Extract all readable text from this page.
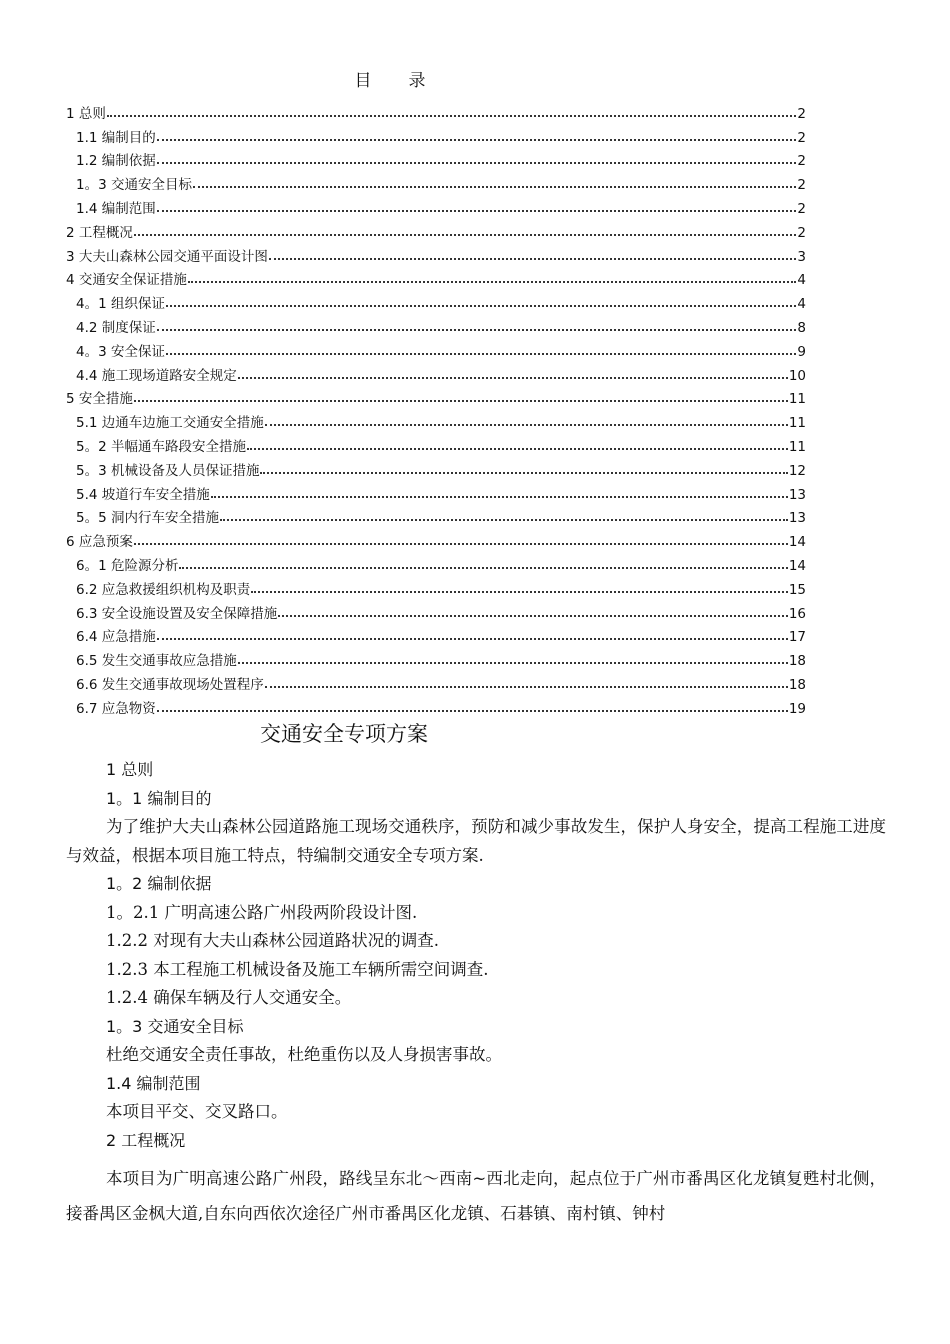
目　录
1 总则	2
1.1 编制目的	2
1.2 编制依据	2
1。3 交通安全目标	2
1.4 编制范围	2
2 工程概况	2
3 大夫山森林公园交通平面设计图	3
4 交通安全保证措施	4
4。1 组织保证	4
4.2 制度保证	8
4。3 安全保证	9
4.4 施工现场道路安全规定	10
5 安全措施	11
5.1 边通车边施工交通安全措施	11
5。2 半幅通车路段安全措施	11
5。3 机械设备及人员保证措施	12
5.4 坡道行车安全措施	13
5。5 洞内行车安全措施	13
6 应急预案	14
6。1 危险源分析	14
6.2 应急救援组织机构及职责	15
6.3 安全设施设置及安全保障措施	16
6.4 应急措施	17
6.5 发生交通事故应急措施	18
6.6 发生交通事故现场处置程序	18
6.7 应急物资	19
交通安全专项方案
1 总则
1。1 编制目的
为了维护大夫山森林公园道路施工现场交通秩序，预防和减少事故发生，保护人身安全，提高工程施工进度与效益，根据本项目施工特点，特编制交通安全专项方案.
1。2 编制依据
1。2.1 广明高速公路广州段两阶段设计图.
1.2.2 对现有大夫山森林公园道路状况的调查.
1.2.3 本工程施工机械设备及施工车辆所需空间调查.
1.2.4 确保车辆及行人交通安全。
1。3 交通安全目标
杜绝交通安全责任事故，杜绝重伤以及人身损害事故。
1.4 编制范围
本项目平交、交叉路口。
2 工程概况
本项目为广明高速公路广州段，路线呈东北～西南~西北走向，起点位于广州市番禺区化龙镇复甦村北侧，接番禺区金枫大道,自东向西依次途径广州市番禺区化龙镇、石碁镇、南村镇、钟村
